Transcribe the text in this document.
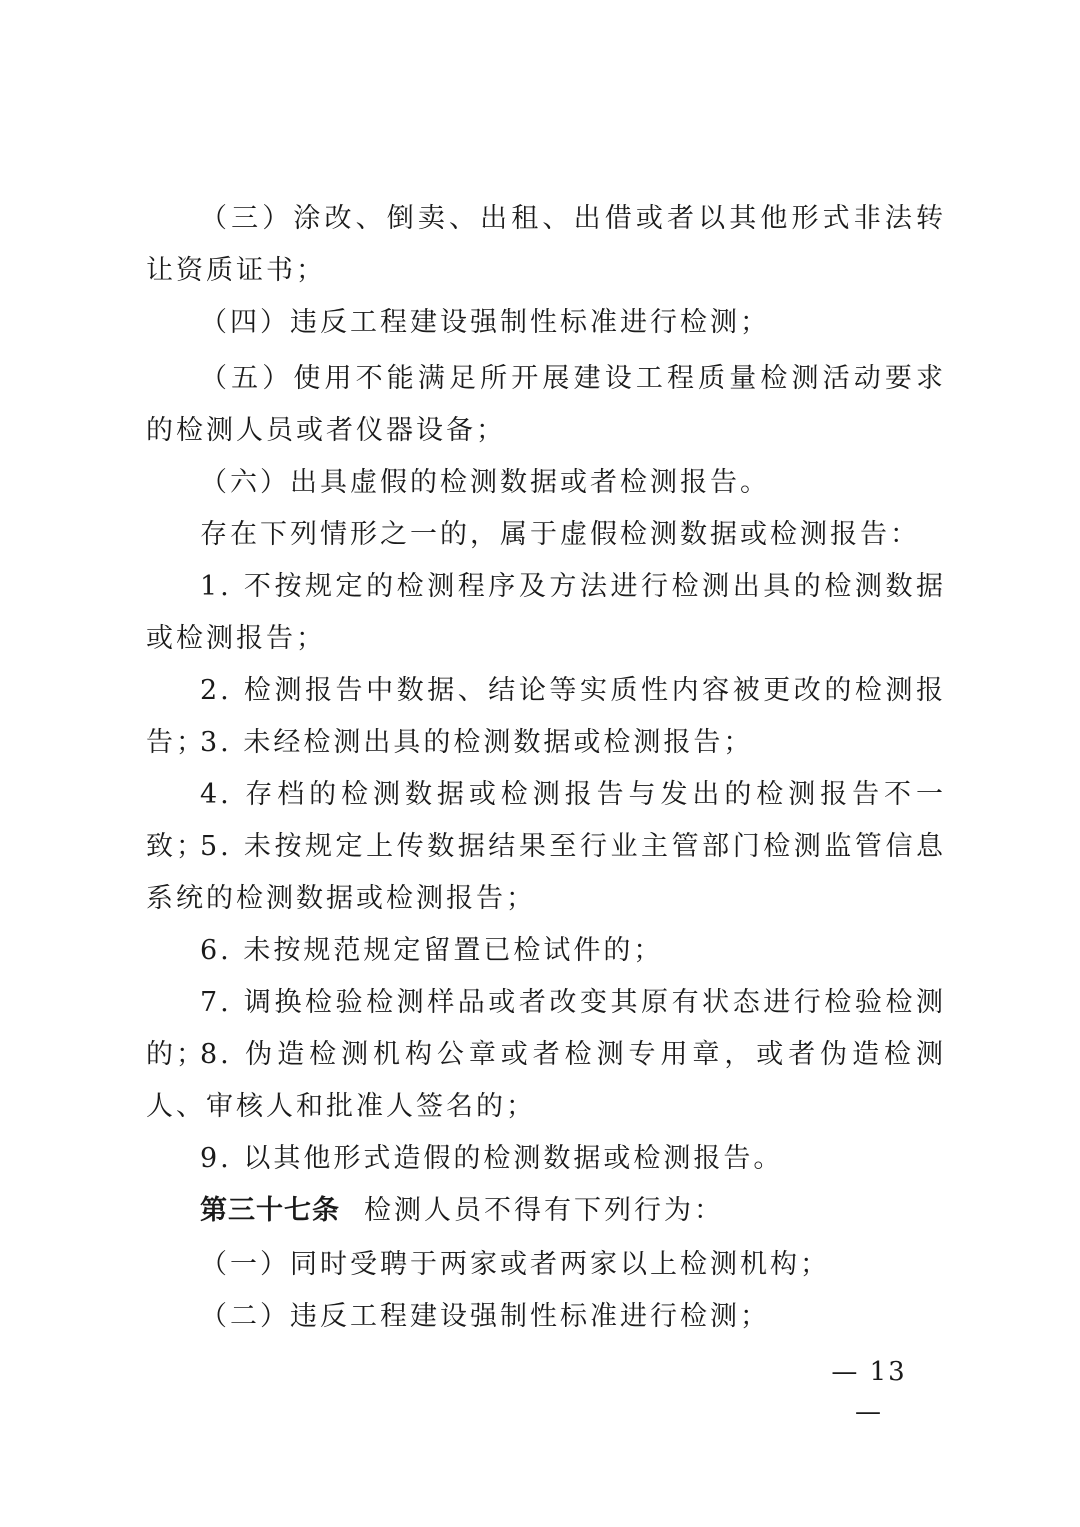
（三）涂改、倒卖、出租、出借或者以其他形式非法转让资质证书；

（四）违反工程建设强制性标准进行检测；

（五）使用不能满足所开展建设工程质量检测活动要求的检测人员或者仪器设备；

（六）出具虚假的检测数据或者检测报告。

存在下列情形之一的，属于虚假检测数据或检测报告：

1. 不按规定的检测程序及方法进行检测出具的检测数据或检测报告；

2. 检测报告中数据、结论等实质性内容被更改的检测报告；

3. 未经检测出具的检测数据或检测报告；

4. 存档的检测数据或检测报告与发出的检测报告不一致；

5. 未按规定上传数据结果至行业主管部门检测监管信息系统的检测数据或检测报告；

6. 未按规范规定留置已检试件的；

7. 调换检验检测样品或者改变其原有状态进行检验检测的；

8. 伪造检测机构公章或者检测专用章，或者伪造检测人、审核人和批准人签名的；

9. 以其他形式造假的检测数据或检测报告。

第三十七条 检测人员不得有下列行为：

（一）同时受聘于两家或者两家以上检测机构；

（二）违反工程建设强制性标准进行检测；

— 13 —
